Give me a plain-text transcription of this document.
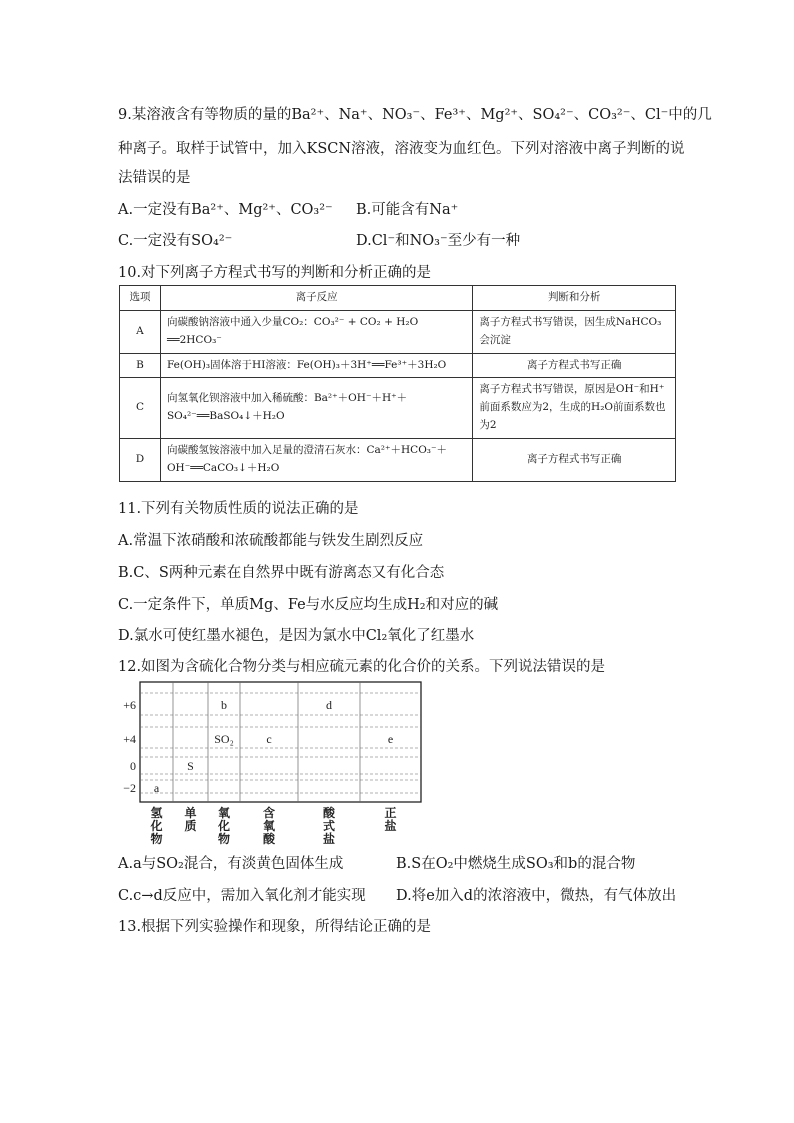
9.某溶液含有等物质的量的Ba²⁺、Na⁺、NO₃⁻、Fe³⁺、Mg²⁺、SO₄²⁻、CO₃²⁻、Cl⁻中的几
种离子。取样于试管中，加入KSCN溶液，溶液变为血红色。下列对溶液中离子判断的说
法错误的是
A.一定没有Ba²⁺、Mg²⁺、CO₃²⁻ B.可能含有Na⁺
C.一定没有SO₄²⁻	D.Cl⁻和NO₃⁻至少有一种
10.对下列离子方程式书写的判断和分析正确的是
选项	离子反应	判断和分析
A	向碳酸钠溶液中通入少量CO₂：CO₃²⁻ + CO₂ + H₂O ══2HCO₃⁻	离子方程式书写错误，因生成NaHCO₃会沉淀
B	Fe(OH)₃固体溶于HI溶液：Fe(OH)₃＋3H⁺══Fe³⁺＋3H₂O	离子方程式书写正确
C	向氢氧化钡溶液中加入稀硫酸：Ba²⁺＋OH⁻＋H⁺＋SO₄²⁻══BaSO₄↓＋H₂O	离子方程式书写错误，原因是OH⁻和H⁺前面系数应为2，生成的H₂O前面系数也为2
D	向碳酸氢铵溶液中加入足量的澄清石灰水：Ca²⁺＋HCO₃⁻＋OH⁻══CaCO₃↓＋H₂O	离子方程式书写正确
11.下列有关物质性质的说法正确的是
A.常温下浓硝酸和浓硫酸都能与铁发生剧烈反应
B.C、S两种元素在自然界中既有游离态又有化合态
C.一定条件下，单质Mg、Fe与水反应均生成H₂和对应的碱
D.氯水可使红墨水褪色，是因为氯水中Cl₂氧化了红墨水
12.如图为含硫化合物分类与相应硫元素的化合价的关系。下列说法错误的是
+6
+4
0
−2
氢
化
物
单
质
氧
化
物
含
氧
酸
酸
式
盐
正
盐
a
S
b
SO₂	c
d
e
A.a与SO₂混合，有淡黄色固体生成	B.S在O₂中燃烧生成SO₃和b的混合物
C.c→d反应中，需加入氧化剂才能实现 D.将e加入d的浓溶液中，微热，有气体放出
13.根据下列实验操作和现象，所得结论正确的是
